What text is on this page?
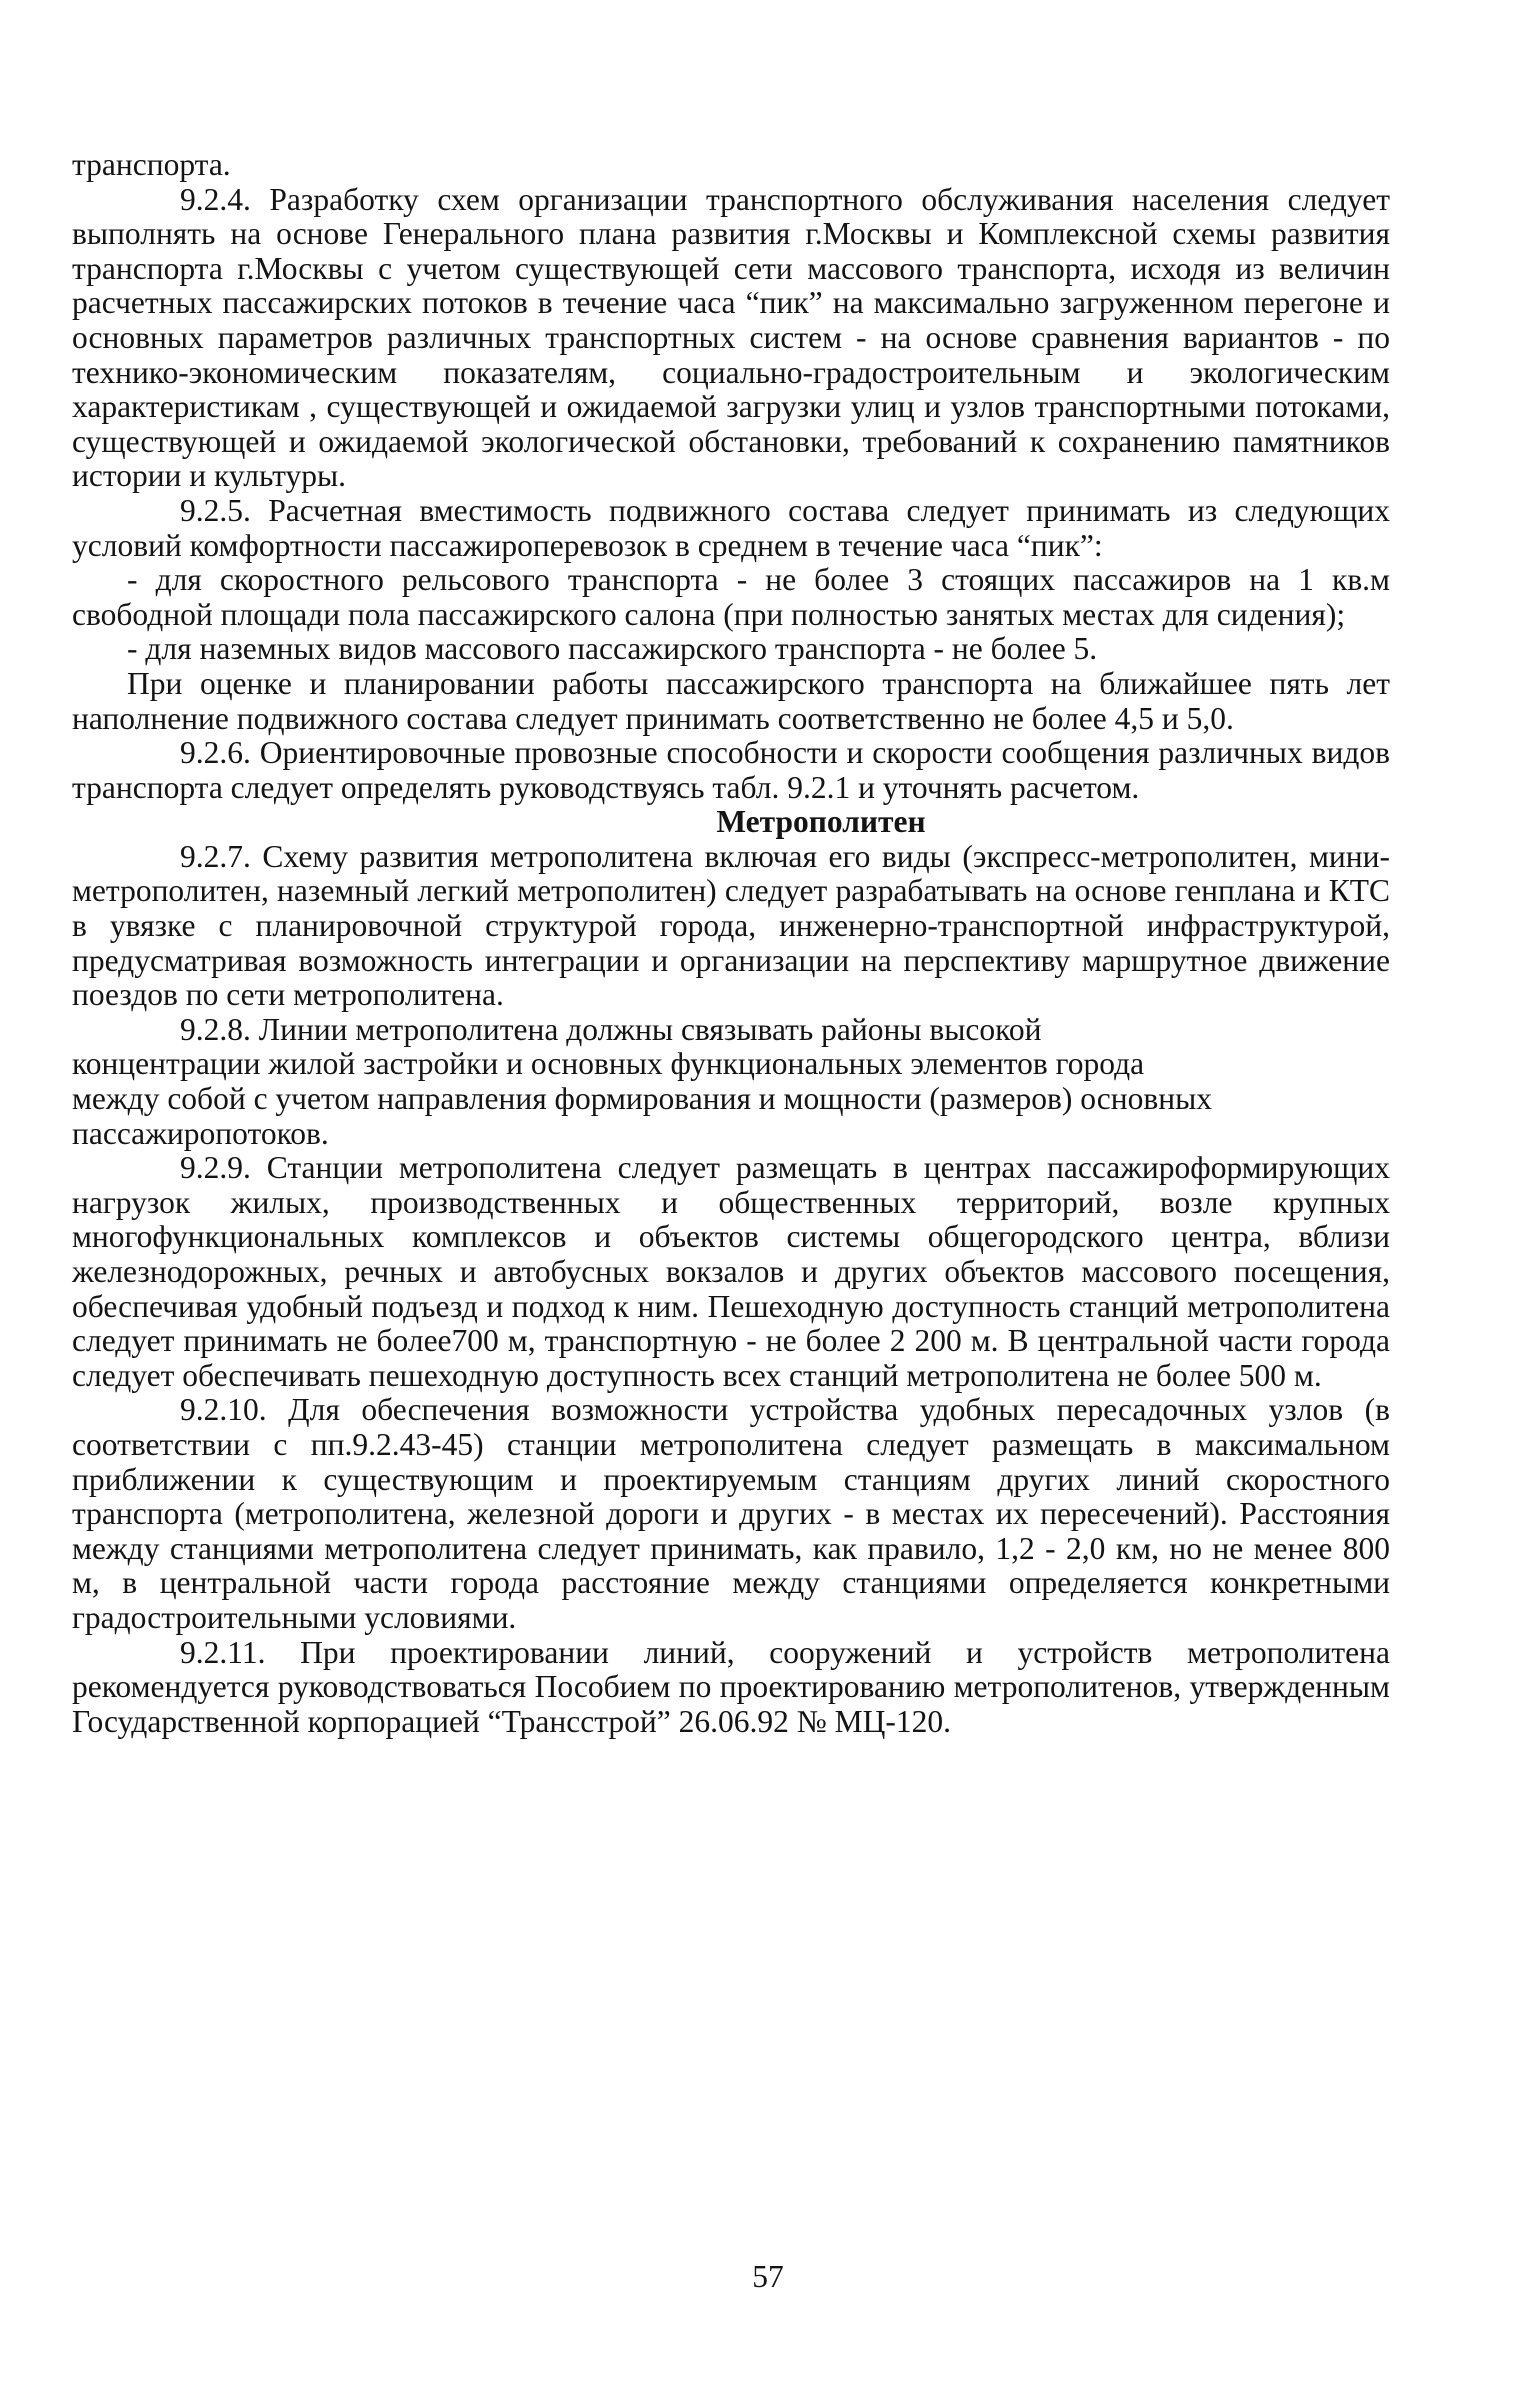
транспорта.

9.2.4. Разработку схем организации транспортного обслуживания населения следует выполнять на основе Генерального плана развития г.Москвы и Комплексной схемы развития транспорта г.Москвы с учетом существующей сети массового транспорта, исходя из величин расчетных пассажирских потоков в течение часа “пик” на максимально загруженном перегоне и основных параметров различных транспортных систем - на основе сравнения вариантов - по технико-экономическим показателям, социально-градостроительным и экологическим характеристикам , существующей и ожидаемой загрузки улиц и узлов транспортными потоками, существующей и ожидаемой экологической обстановки, требований к сохранению памятников истории и культуры.

9.2.5. Расчетная вместимость подвижного состава следует принимать из следующих условий комфортности пассажироперевозок в среднем в течение часа “пик”:

- для скоростного рельсового транспорта - не более 3 стоящих пассажиров на 1 кв.м свободной площади пола пассажирского салона (при полностью занятых местах для сидения);

- для наземных видов массового пассажирского транспорта - не более 5.

При оценке и планировании работы пассажирского транспорта на ближайшее пять лет наполнение подвижного состава следует принимать соответственно не более 4,5 и 5,0.

9.2.6. Ориентировочные провозные способности и скорости сообщения различных видов транспорта следует определять руководствуясь табл. 9.2.1 и уточнять расчетом.

Метрополитен

9.2.7. Схему развития метрополитена включая его виды (экспресс-метрополитен, мини-метрополитен, наземный легкий метрополитен) следует разрабатывать на основе генплана и КТС в увязке с планировочной структурой города, инженерно-транспортной инфраструктурой, предусматривая возможность интеграции и организации на перспективу маршрутное движение поездов по сети метрополитена.

9.2.8. Линии метрополитена должны связывать районы высокой

концентрации жилой застройки и основных функциональных элементов города

между собой с учетом направления формирования и мощности (размеров) основных

пассажиропотоков.

9.2.9. Станции метрополитена следует размещать в центрах пассажироформирующих нагрузок жилых, производственных и общественных территорий, возле крупных многофункциональных комплексов и объектов системы общегородского центра, вблизи железнодорожных, речных и автобусных вокзалов и других объектов массового посещения, обеспечивая удобный подъезд и подход к ним. Пешеходную доступность станций метрополитена следует принимать не более700 м, транспортную - не более 2 200 м. В центральной части города следует обеспечивать пешеходную доступность всех станций метрополитена не более 500 м.

9.2.10. Для обеспечения возможности устройства удобных пересадочных узлов (в соответствии с пп.9.2.43-45) станции метрополитена следует размещать в максимальном приближении к существующим и проектируемым станциям других линий скоростного транспорта (метрополитена, железной дороги и других - в местах их пересечений). Расстояния между станциями метрополитена следует принимать, как правило, 1,2 - 2,0 км, но не менее 800 м, в центральной части города расстояние между станциями определяется конкретными градостроительными условиями.

9.2.11. При проектировании линий, сооружений и устройств метрополитена рекомендуется руководствоваться Пособием по проектированию метрополитенов, утвержденным Государственной корпорацией “Трансстрой” 26.06.92 № МЦ-120.

57
